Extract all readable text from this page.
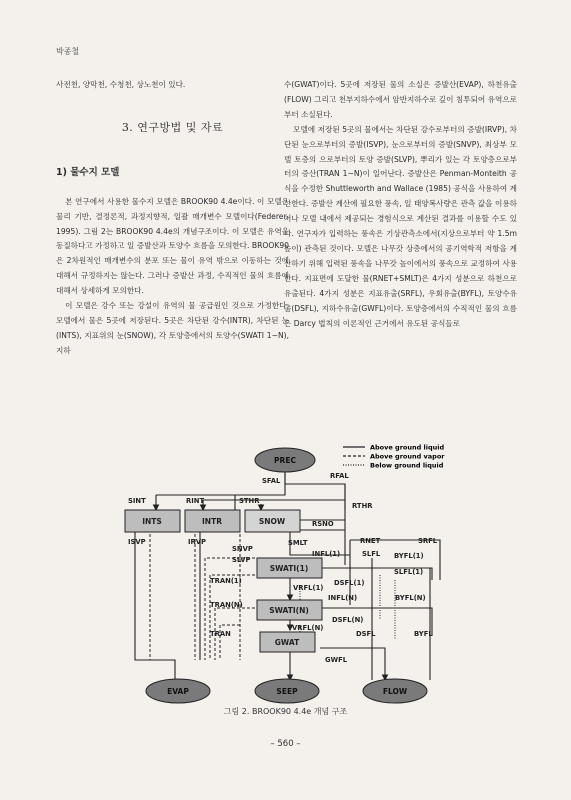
박종철

사전천, 양막천, 수청천, 상노천이 있다.

3. 연구방법 및 자료
1) 물수지 모델

본 연구에서 사용한 물수지 모델은 BROOK90 4.4e이다. 이 모델은 물리 기반, 결정론적, 과정지향적, 일괄 매개변수 모델이다(Federer, 1995). 그림 2는 BROOK90 4.4e의 개념구조이다. 이 모델은 유역을 동질하다고 가정하고 일 증발산과 토양수 흐름을 모의한다. BROOK90은 2차원적인 매개변수의 분포 또는 물이 유역 밖으로 이동하는 것에 대해서 규정하지는 않는다. 그러나 증발산 과정, 수직적인 물의 흐름에 대해서 상세하게 모의한다.

이 모델은 강수 또는 강설이 유역의 물 공급원인 것으로 가정한다. 모델에서 물은 5곳에 저장된다. 5곳은 차단된 강수(INTR), 차단된 눈(INTS), 지표위의 눈(SNOW), 각 토양층에서의 토양수(SWATI 1~N), 지하

수(GWAT)이다. 5곳에 저장된 물의 소실은 증발산(EVAP), 하천유출(FLOW) 그리고 천부지하수에서 암반지하수로 깊이 침투되어 유역으로부터 소실된다.

모델에 저장된 5곳의 물에서는 차단된 강수로부터의 증발(IRVP), 차단된 눈으로부터의 증발(ISVP), 눈으로부터의 증발(SNVP), 최상부 모델 토층의 으로부터의 토양 증발(SLVP), 뿌리가 있는 각 토양층으로부터의 증산(TRAN 1~N)이 일어난다. 증발산은 Penman-Monteith 공식을 수정한 Shuttleworth and Wallace (1985) 공식을 사용하여 계산한다. 증발산 계산에 필요한 풍속, 일 태양복사량은 관측 값을 이용하거나 모델 내에서 제공되는 경험식으로 계산된 결과를 이용할 수도 있다. 연구자가 입력하는 풍속은 기상관측소에서(지상으로부터 약 1.5m 높이) 관측된 것이다. 모델은 나무갓 상층에서의 공기역학적 저항을 계산하기 위해 입력된 풍속을 나무갓 높이에서의 풍속으로 교정하여 사용한다. 지표면에 도달한 물(RNET+SMLT)은 4가지 성분으로 하천으로 유출된다. 4가지 성분은 지표유출(SRFL), 우회유출(BYFL), 토양수유출(DSFL), 지하수유출(GWFL)이다. 토양층에서의 수직적인 물의 흐름은 Darcy 법칙의 이론적인 근거에서 유도된 공식들로

Above ground liquid
Above ground vapor
Below ground liquid
INTS	INTR	SNOW
SWATI(1)
SWATI(N)
GWAT
PREC
EVAP	SEEP	FLOW
SFAL
RFAL
SINT	RINT	STHR
RTHR
RSNO
ISVP	IRVP
SNVP
SMLT	RNET	SRFL
SLVP
INFL(1)	SLFL BYFL(1)
SLFL(1)
TRAN(1)
VRFL(1)
DSFL(1)
TRAN(N)
INFL(N)	BYFL(N)
VRFL(N)
DSFL(N)
TRAN	DSFL	BYFL
GWFL
그림 2. BROOK90 4.4e 개념 구조
– 560 –
